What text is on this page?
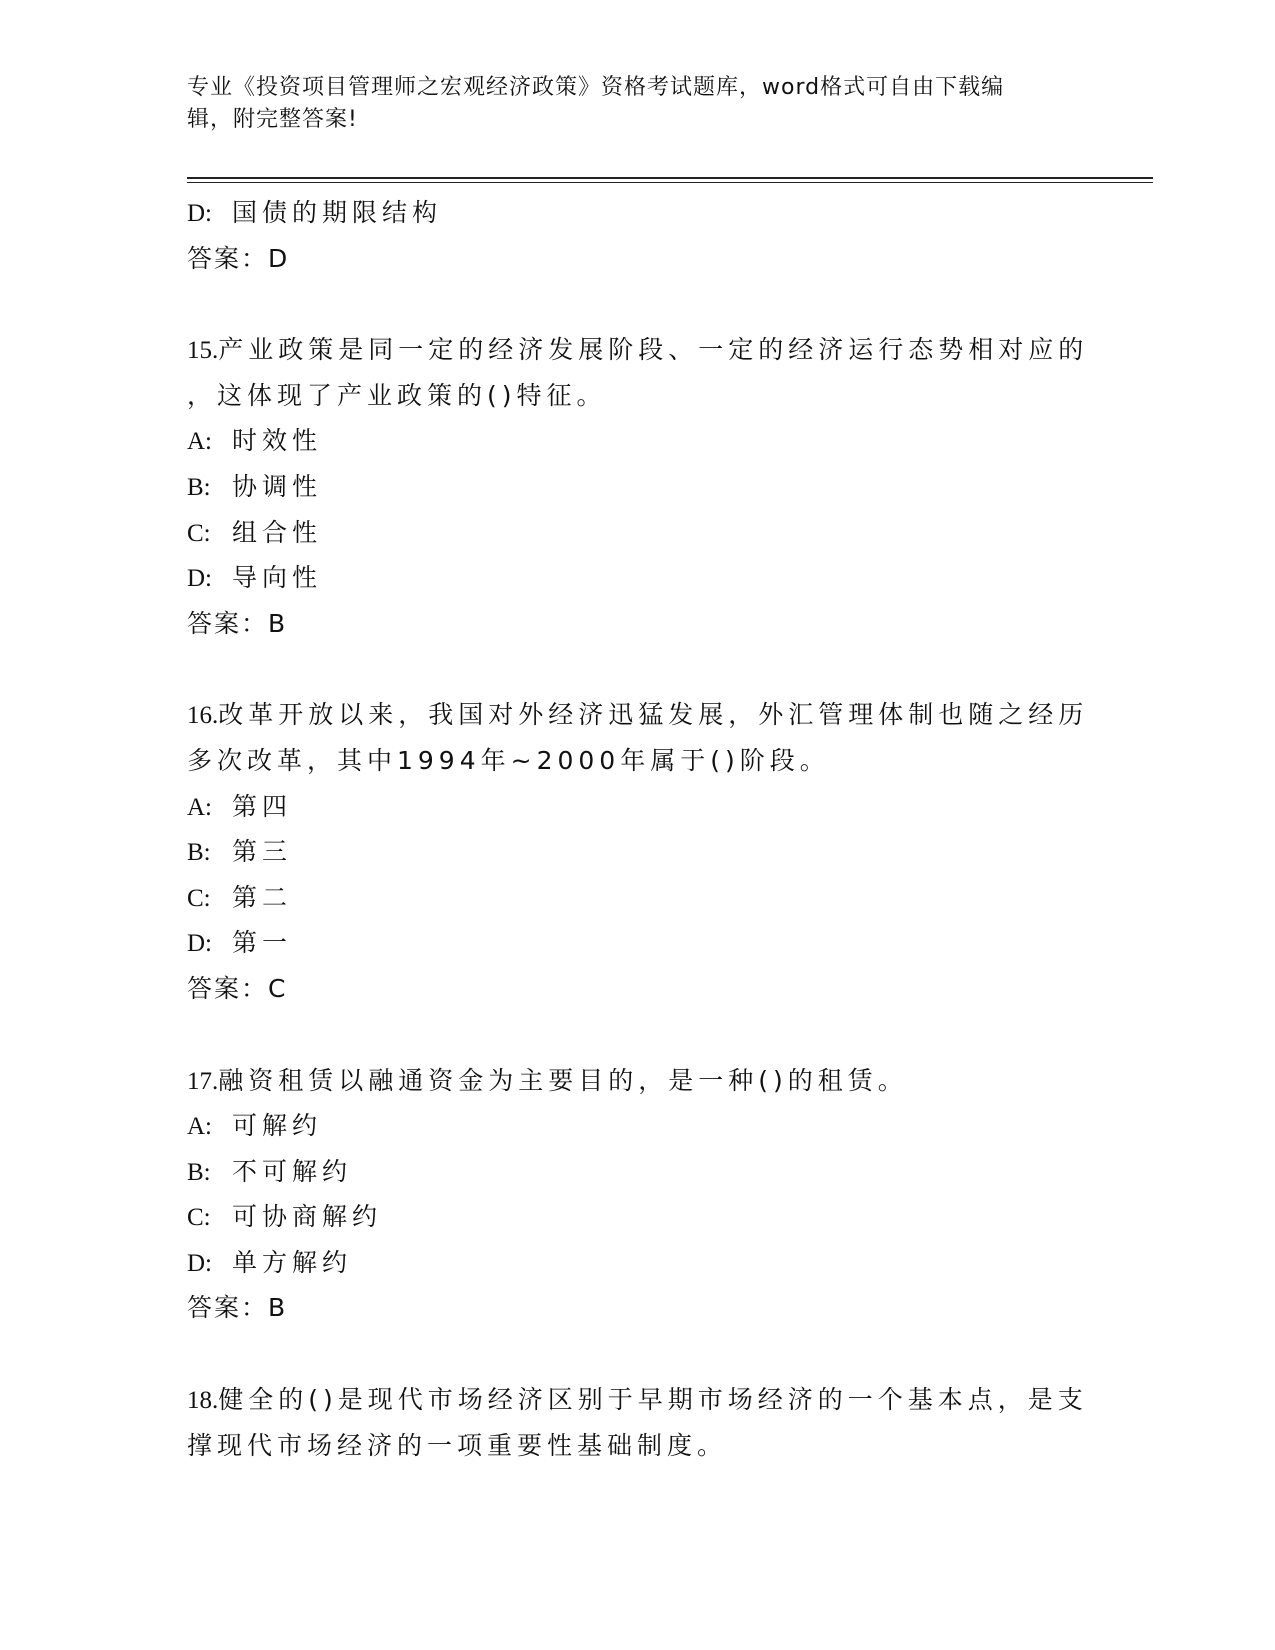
专业《投资项目管理师之宏观经济政策》资格考试题库，word格式可自由下载编
辑，附完整答案!
D: 国债的期限结构
答案：D
15.产业政策是同一定的经济发展阶段、一定的经济运行态势相对应的
，这体现了产业政策的()特征。
A: 时效性
B: 协调性
C: 组合性
D: 导向性
答案：B
16.改革开放以来，我国对外经济迅猛发展，外汇管理体制也随之经历
多次改革，其中1994年~2000年属于()阶段。
A: 第四
B: 第三
C: 第二
D: 第一
答案：C
17.融资租赁以融通资金为主要目的，是一种()的租赁。
A: 可解约
B: 不可解约
C: 可协商解约
D: 单方解约
答案：B
18.健全的()是现代市场经济区别于早期市场经济的一个基本点，是支
撑现代市场经济的一项重要性基础制度。
